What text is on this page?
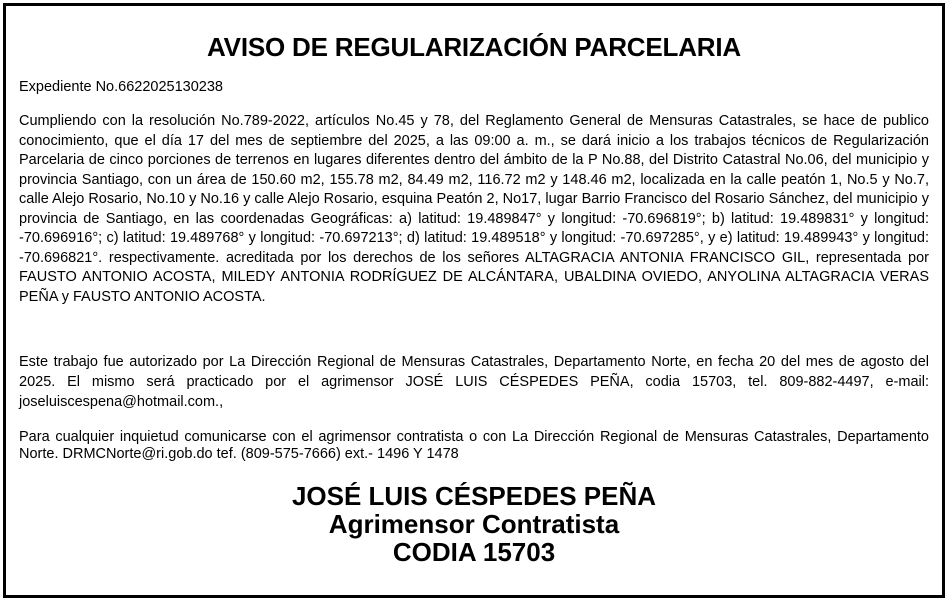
AVISO DE REGULARIZACIÓN PARCELARIA
Expediente No.6622025130238

Cumpliendo con la resolución No.789-2022, artículos No.45 y 78, del Reglamento General de Mensuras Catastrales, se hace de publico conocimiento, que el día 17 del mes de septiembre del 2025, a las 09:00 a. m., se dará inicio a los trabajos técnicos de Regularización Parcelaria de cinco porciones de terrenos en lugares diferentes dentro del ámbito de la P No.88, del Distrito Catastral No.06, del municipio y provincia Santiago, con un área de 150.60 m2, 155.78 m2, 84.49 m2, 116.72 m2 y 148.46 m2, localizada en la calle peatón 1, No.5 y No.7, calle Alejo Rosario, No.10 y No.16 y calle Alejo Rosario, esquina Peatón 2, No17, lugar Barrio Francisco del Rosario Sánchez, del municipio y provincia de Santiago, en las coordenadas Geográficas: a) latitud: 19.489847° y longitud: -70.696819°; b) latitud: 19.489831° y longitud: -70.696916°; c) latitud: 19.489768° y longitud: -70.697213°; d) latitud: 19.489518° y longitud: -70.697285°, y e) latitud: 19.489943° y longitud: -70.696821°. respectivamente. acreditada por los derechos de los señores ALTAGRACIA ANTONIA FRANCISCO GIL, representada por FAUSTO ANTONIO ACOSTA, MILEDY ANTONIA RODRÍGUEZ DE ALCÁNTARA, UBALDINA OVIEDO, ANYOLINA ALTAGRACIA VERAS PEÑA y FAUSTO ANTONIO ACOSTA.

Este trabajo fue autorizado por La Dirección Regional de Mensuras Catastrales, Departamento Norte, en fecha 20 del mes de agosto del 2025. El mismo será practicado por el agrimensor JOSÉ LUIS CÉSPEDES PEÑA, codia 15703, tel. 809-882-4497, e-mail: joseluiscespena@hotmail.com.,

Para cualquier inquietud comunicarse con el agrimensor contratista o con La Dirección Regional de Mensuras Catastrales, Departamento Norte. DRMCNorte@ri.gob.do tef. (809-575-7666) ext.- 1496 Y 1478

JOSÉ LUIS CÉSPEDES PEÑA
Agrimensor Contratista
CODIA 15703
